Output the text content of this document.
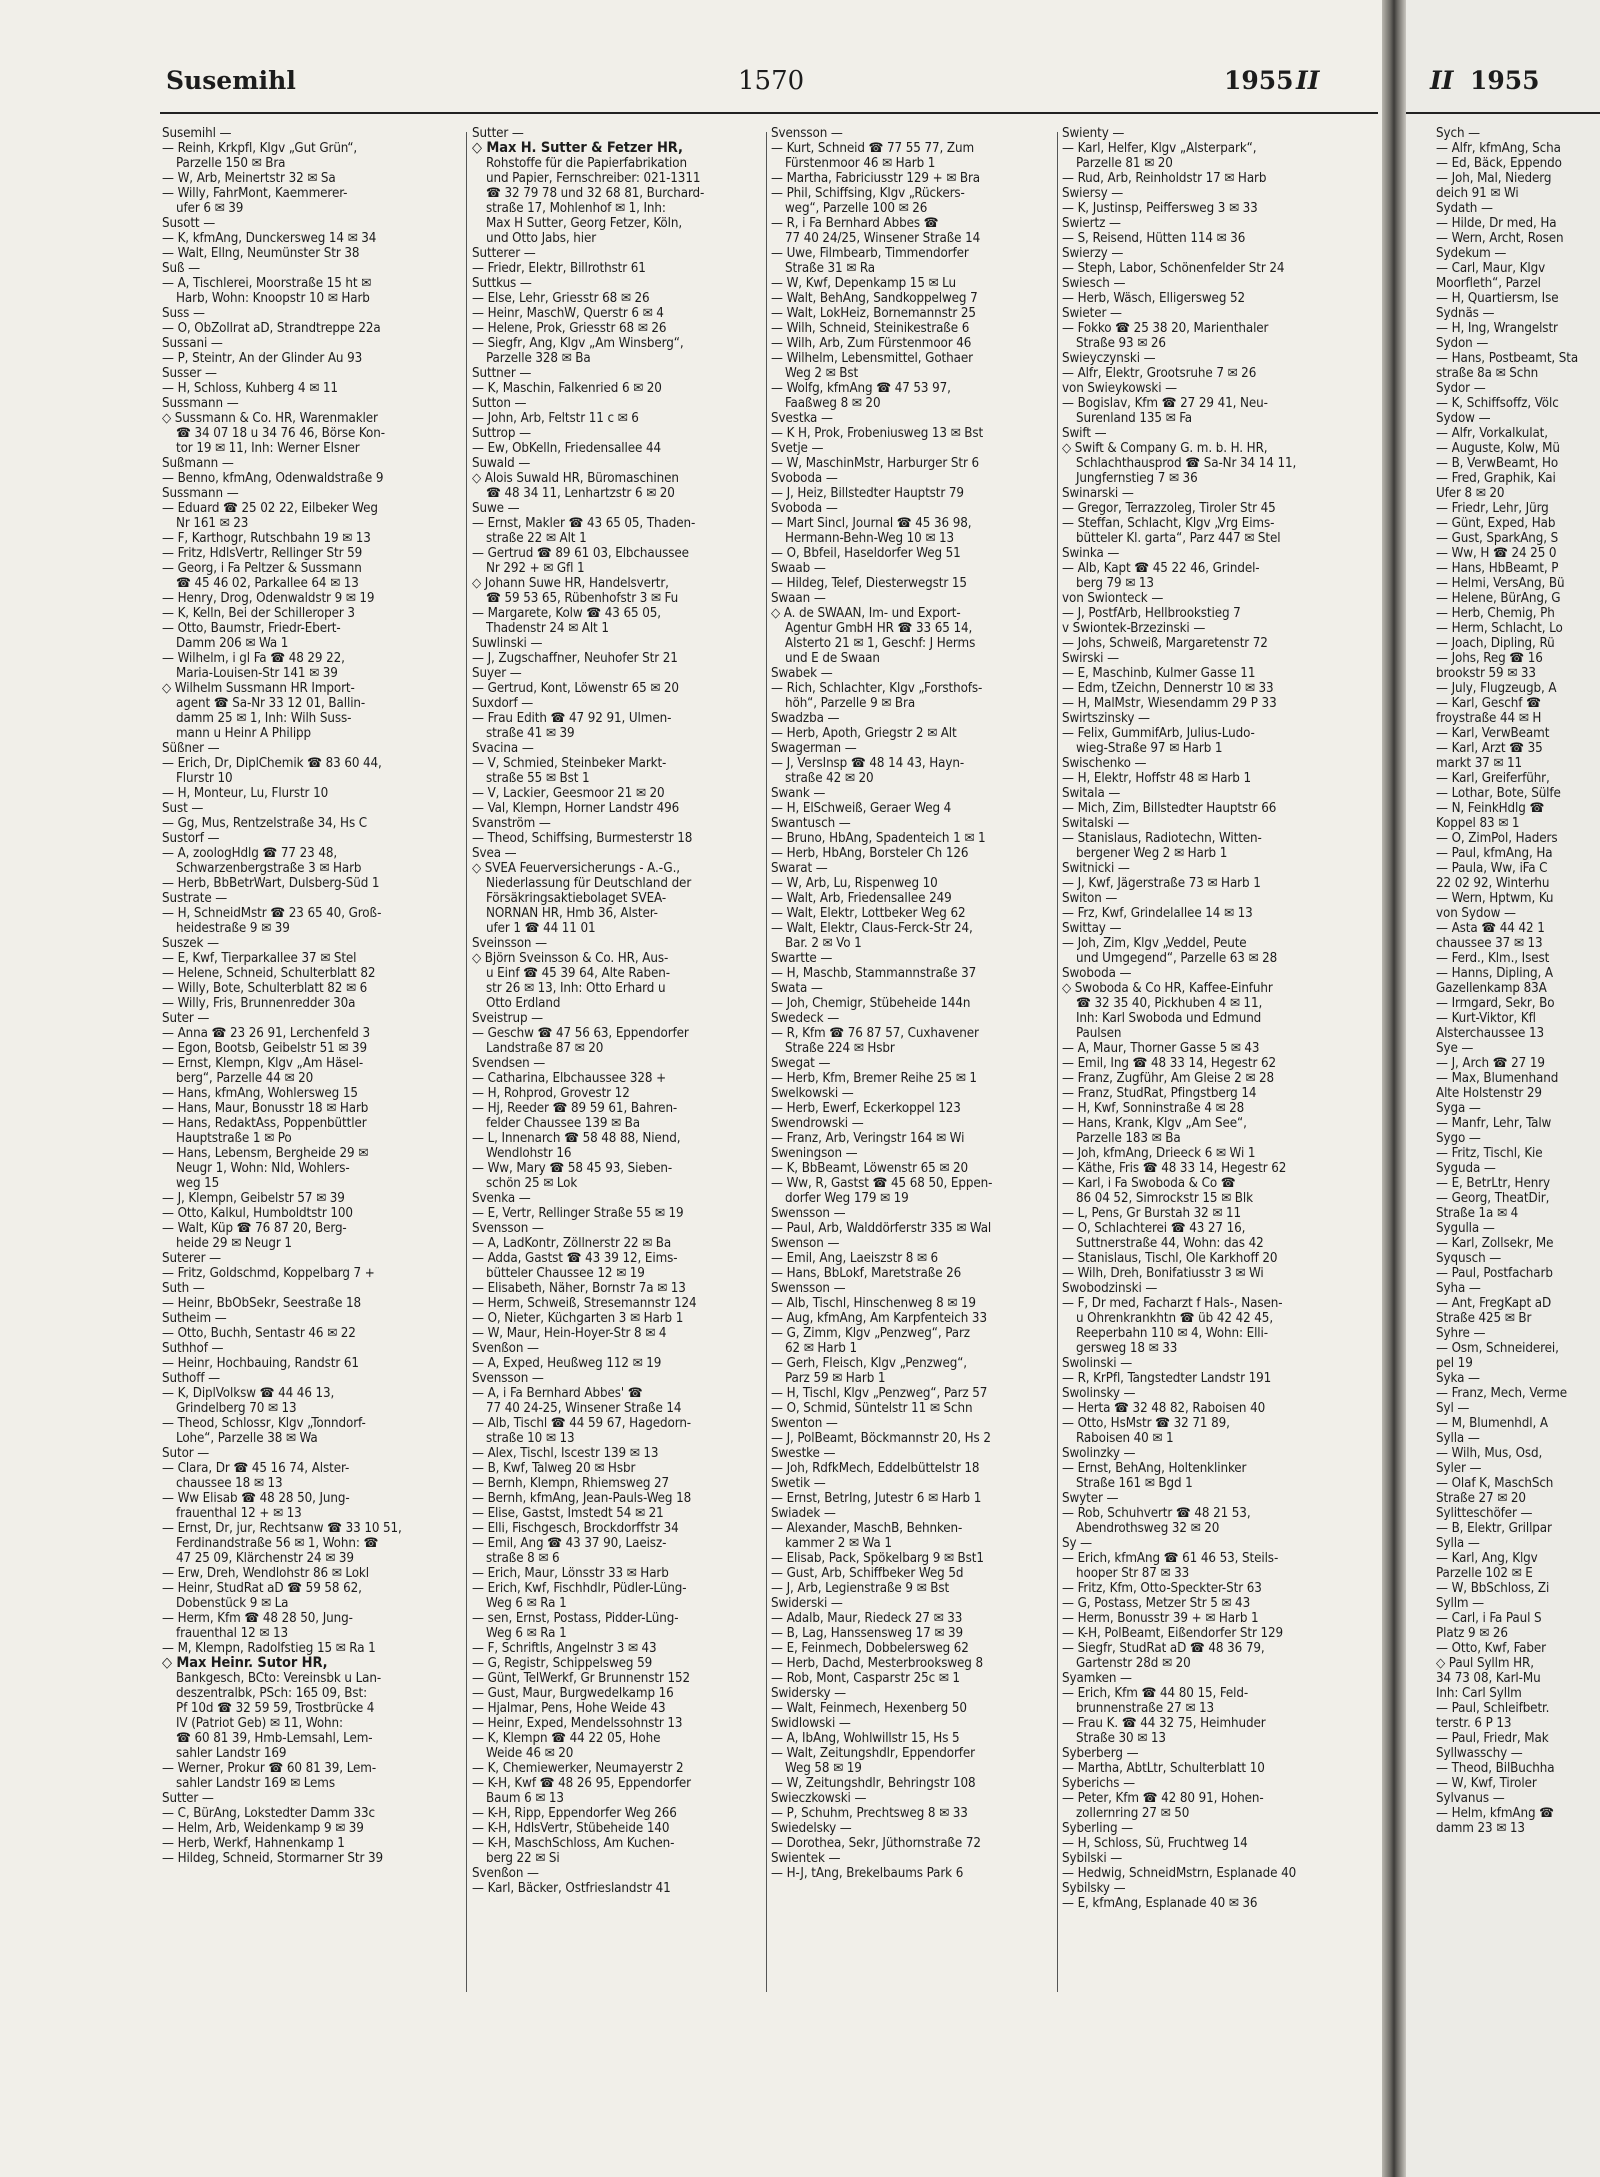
Susemihl	1570	1955 II
Susemihl —
— Reinh, Krkpfl, Klgv „Gut Grün“,
Parzelle 150 ✉ Bra
— W, Arb, Meinertstr 32 ✉ Sa
— Willy, FahrMont, Kaemmerer-
ufer 6 ✉ 39
Susott —
— K, kfmAng, Dunckersweg 14 ✉ 34
— Walt, Ellng, Neumünster Str 38
Suß —
— A, Tischlerei, Moorstraße 15 ht ✉
Harb, Wohn: Knoopstr 10 ✉ Harb
Suss —
— O, ObZollrat aD, Strandtreppe 22a
Sussani —
— P, Steintr, An der Glinder Au 93
Susser —
— H, Schloss, Kuhberg 4 ✉ 11
Sussmann —
◇ Sussmann & Co. HR, Warenmakler
☎ 34 07 18 u 34 76 46, Börse Kon-
tor 19 ✉ 11, Inh: Werner Elsner
Sußmann —
— Benno, kfmAng, Odenwaldstraße 9
Sussmann —
— Eduard ☎ 25 02 22, Eilbeker Weg
Nr 161 ✉ 23
— F, Karthogr, Rutschbahn 19 ✉ 13
— Fritz, HdlsVertr, Rellinger Str 59
— Georg, i Fa Peltzer & Sussmann
☎ 45 46 02, Parkallee 64 ✉ 13
— Henry, Drog, Odenwaldstr 9 ✉ 19
— K, Kelln, Bei der Schilleroper 3
— Otto, Baumstr, Friedr-Ebert-
Damm 206 ✉ Wa 1
— Wilhelm, i gl Fa ☎ 48 29 22,
Maria-Louisen-Str 141 ✉ 39
◇ Wilhelm Sussmann HR Import-
agent ☎ Sa-Nr 33 12 01, Ballin-
damm 25 ✉ 1, Inh: Wilh Suss-
mann u Heinr A Philipp
Süßner —
— Erich, Dr, DiplChemik ☎ 83 60 44,
Flurstr 10
— H, Monteur, Lu, Flurstr 10
Sust —
— Gg, Mus, Rentzelstraße 34, Hs C
Sustorf —
— A, zoologHdlg ☎ 77 23 48,
Schwarzenbergstraße 3 ✉ Harb
— Herb, BbBetrWart, Dulsberg-Süd 1
Sustrate —
— H, SchneidMstr ☎ 23 65 40, Groß-
heidestraße 9 ✉ 39
Suszek —
— E, Kwf, Tierparkallee 37 ✉ Stel
— Helene, Schneid, Schulterblatt 82
— Willy, Bote, Schulterblatt 82 ✉ 6
— Willy, Fris, Brunnenredder 30a
Suter —
— Anna ☎ 23 26 91, Lerchenfeld 3
— Egon, Bootsb, Geibelstr 51 ✉ 39
— Ernst, Klempn, Klgv „Am Häsel-
berg“, Parzelle 44 ✉ 20
— Hans, kfmAng, Wohlersweg 15
— Hans, Maur, Bonusstr 18 ✉ Harb
— Hans, RedaktAss, Poppenbüttler
Hauptstraße 1 ✉ Po
— Hans, Lebensm, Bergheide 29 ✉
Neugr 1, Wohn: Nld, Wohlers-
weg 15
— J, Klempn, Geibelstr 57 ✉ 39
— Otto, Kalkul, Humboldtstr 100
— Walt, Küp ☎ 76 87 20, Berg-
heide 29 ✉ Neugr 1
Suterer —
— Fritz, Goldschmd, Koppelbarg 7 +
Suth —
— Heinr, BbObSekr, Seestraße 18
Sutheim —
— Otto, Buchh, Sentastr 46 ✉ 22
Suthhof —
— Heinr, Hochbauing, Randstr 61
Suthoff —
— K, DiplVolksw ☎ 44 46 13,
Grindelberg 70 ✉ 13
— Theod, Schlossr, Klgv „Tonndorf-
Lohe“, Parzelle 38 ✉ Wa
Sutor —
— Clara, Dr ☎ 45 16 74, Alster-
chaussee 18 ✉ 13
— Ww Elisab ☎ 48 28 50, Jung-
frauenthal 12 + ✉ 13
— Ernst, Dr, jur, Rechtsanw ☎ 33 10 51,
Ferdinandstraße 56 ✉ 1, Wohn: ☎
47 25 09, Klärchenstr 24 ✉ 39
— Erw, Dreh, Wendlohstr 86 ✉ Lokl
— Heinr, StudRat aD ☎ 59 58 62,
Dobenstück 9 ✉ La
— Herm, Kfm ☎ 48 28 50, Jung-
frauenthal 12 ✉ 13
— M, Klempn, Radolfstieg 15 ✉ Ra 1
◇ Max Heinr. Sutor HR,
Bankgesch, BCto: Vereinsbk u Lan-
deszentralbk, PSch: 165 09, Bst:
Pf 10d ☎ 32 59 59, Trostbrücke 4
IV (Patriot Geb) ✉ 11, Wohn:
☎ 60 81 39, Hmb-Lemsahl, Lem-
sahler Landstr 169
— Werner, Prokur ☎ 60 81 39, Lem-
sahler Landstr 169 ✉ Lems
Sutter —
— C, BürAng, Lokstedter Damm 33c
— Helm, Arb, Weidenkamp 9 ✉ 39
— Herb, Werkf, Hahnenkamp 1
— Hildeg, Schneid, Stormarner Str 39
Sutter —
◇ Max H. Sutter & Fetzer HR,
Rohstoffe für die Papierfabrikation
und Papier, Fernschreiber: 021-1311
☎ 32 79 78 und 32 68 81, Burchard-
straße 17, Mohlenhof ✉ 1, Inh:
Max H Sutter, Georg Fetzer, Köln,
und Otto Jabs, hier
Sutterer —
— Friedr, Elektr, Billrothstr 61
Suttkus —
— Else, Lehr, Griesstr 68 ✉ 26
— Heinr, MaschW, Querstr 6 ✉ 4
— Helene, Prok, Griesstr 68 ✉ 26
— Siegfr, Ang, Klgv „Am Winsberg“,
Parzelle 328 ✉ Ba
Suttner —
— K, Maschin, Falkenried 6 ✉ 20
Sutton —
— John, Arb, Feltstr 11 c ✉ 6
Suttrop —
— Ew, ObKelln, Friedensallee 44
Suwald —
◇ Alois Suwald HR, Büromaschinen
☎ 48 34 11, Lenhartzstr 6 ✉ 20
Suwe —
— Ernst, Makler ☎ 43 65 05, Thaden-
straße 22 ✉ Alt 1
— Gertrud ☎ 89 61 03, Elbchaussee
Nr 292 + ✉ Gfl 1
◇ Johann Suwe HR, Handelsvertr,
☎ 59 53 65, Rübenhofstr 3 ✉ Fu
— Margarete, Kolw ☎ 43 65 05,
Thadenstr 24 ✉ Alt 1
Suwlinski —
— J, Zugschaffner, Neuhofer Str 21
Suyer —
— Gertrud, Kont, Löwenstr 65 ✉ 20
Suxdorf —
— Frau Edith ☎ 47 92 91, Ulmen-
straße 41 ✉ 39
Svacina —
— V, Schmied, Steinbeker Markt-
straße 55 ✉ Bst 1
— V, Lackier, Geesmoor 21 ✉ 20
— Val, Klempn, Horner Landstr 496
Svanström —
— Theod, Schiffsing, Burmesterstr 18
Svea —
◇ SVEA Feuerversicherungs - A.-G.,
Niederlassung für Deutschland der
Försäkringsaktiebolaget SVEA-
NORNAN HR, Hmb 36, Alster-
ufer 1 ☎ 44 11 01
Sveinsson —
◇ Björn Sveinsson & Co. HR, Aus-
u Einf ☎ 45 39 64, Alte Raben-
str 26 ✉ 13, Inh: Otto Erhard u
Otto Erdland
Sveistrup —
— Geschw ☎ 47 56 63, Eppendorfer
Landstraße 87 ✉ 20
Svendsen —
— Catharina, Elbchaussee 328 +
— H, Rohprod, Grovestr 12
— Hj, Reeder ☎ 89 59 61, Bahren-
felder Chaussee 139 ✉ Ba
— L, Innenarch ☎ 58 48 88, Niend,
Wendlohstr 16
— Ww, Mary ☎ 58 45 93, Sieben-
schön 25 ✉ Lok
Svenka —
— E, Vertr, Rellinger Straße 55 ✉ 19
Svensson —
— A, LadKontr, Zöllnerstr 22 ✉ Ba
— Adda, Gastst ☎ 43 39 12, Eims-
bütteler Chaussee 12 ✉ 19
— Elisabeth, Näher, Bornstr 7a ✉ 13
— Herm, Schweiß, Stresemannstr 124
— O, Nieter, Küchgarten 3 ✉ Harb 1
— W, Maur, Hein-Hoyer-Str 8 ✉ 4
Svenßon —
— A, Exped, Heußweg 112 ✉ 19
Svensson —
— A, i Fa Bernhard Abbes' ☎
77 40 24-25, Winsener Straße 14
— Alb, Tischl ☎ 44 59 67, Hagedorn-
straße 10 ✉ 13
— Alex, Tischl, Iscestr 139 ✉ 13
— B, Kwf, Talweg 20 ✉ Hsbr
— Bernh, Klempn, Rhiemsweg 27
— Bernh, kfmAng, Jean-Pauls-Weg 18
— Elise, Gastst, Imstedt 54 ✉ 21
— Elli, Fischgesch, Brockdorffstr 34
— Emil, Ang ☎ 43 37 90, Laeisz-
straße 8 ✉ 6
— Erich, Maur, Lönsstr 33 ✉ Harb
— Erich, Kwf, Fischhdlr, Püdler-Lüng-
Weg 6 ✉ Ra 1
— sen, Ernst, Postass, Pidder-Lüng-
Weg 6 ✉ Ra 1
— F, Schriftls, Angelnstr 3 ✉ 43
— G, Registr, Schippelsweg 59
— Günt, TelWerkf, Gr Brunnenstr 152
— Gust, Maur, Burgwedelkamp 16
— Hjalmar, Pens, Hohe Weide 43
— Heinr, Exped, Mendelssohnstr 13
— K, Klempn ☎ 44 22 05, Hohe
Weide 46 ✉ 20
— K, Chemiewerker, Neumayerstr 2
— K-H, Kwf ☎ 48 26 95, Eppendorfer
Baum 6 ✉ 13
— K-H, Ripp, Eppendorfer Weg 266
— K-H, HdlsVertr, Stübeheide 140
— K-H, MaschSchloss, Am Kuchen-
berg 22 ✉ Si
Svenßon —
— Karl, Bäcker, Ostfrieslandstr 41
Svensson —
— Kurt, Schneid ☎ 77 55 77, Zum
Fürstenmoor 46 ✉ Harb 1
— Martha, Fabriciusstr 129 + ✉ Bra
— Phil, Schiffsing, Klgv „Rückers-
weg“, Parzelle 100 ✉ 26
— R, i Fa Bernhard Abbes ☎
77 40 24/25, Winsener Straße 14
— Uwe, Filmbearb, Timmendorfer
Straße 31 ✉ Ra
— W, Kwf, Depenkamp 15 ✉ Lu
— Walt, BehAng, Sandkoppelweg 7
— Walt, LokHeiz, Bornemannstr 25
— Wilh, Schneid, Steinikestraße 6
— Wilh, Arb, Zum Fürstenmoor 46
— Wilhelm, Lebensmittel, Gothaer
Weg 2 ✉ Bst
— Wolfg, kfmAng ☎ 47 53 97,
Faaßweg 8 ✉ 20
Svestka —
— K H, Prok, Frobeniusweg 13 ✉ Bst
Svetje —
— W, MaschinMstr, Harburger Str 6
Svoboda —
— J, Heiz, Billstedter Hauptstr 79
Svoboda —
— Mart Sincl, Journal ☎ 45 36 98,
Hermann-Behn-Weg 10 ✉ 13
— O, Bbfeil, Haseldorfer Weg 51
Swaab —
— Hildeg, Telef, Diesterwegstr 15
Swaan —
◇ A. de SWAAN, Im- und Export-
Agentur GmbH HR ☎ 33 65 14,
Alsterto 21 ✉ 1, Geschf: J Herms
und E de Swaan
Swabek —
— Rich, Schlachter, Klgv „Forsthofs-
höh“, Parzelle 9 ✉ Bra
Swadzba —
— Herb, Apoth, Griegstr 2 ✉ Alt
Swagerman —
— J, VersInsp ☎ 48 14 43, Hayn-
straße 42 ✉ 20
Swank —
— H, ElSchweiß, Geraer Weg 4
Swantusch —
— Bruno, HbAng, Spadenteich 1 ✉ 1
— Herb, HbAng, Borsteler Ch 126
Swarat —
— W, Arb, Lu, Rispenweg 10
— Walt, Arb, Friedensallee 249
— Walt, Elektr, Lottbeker Weg 62
— Walt, Elektr, Claus-Ferck-Str 24,
Bar. 2 ✉ Vo 1
Swartte —
— H, Maschb, Stammannstraße 37
Swata —
— Joh, Chemigr, Stübeheide 144n
Swedeck —
— R, Kfm ☎ 76 87 57, Cuxhavener
Straße 224 ✉ Hsbr
Swegat —
— Herb, Kfm, Bremer Reihe 25 ✉ 1
Swelkowski —
— Herb, Ewerf, Eckerkoppel 123
Swendrowski —
— Franz, Arb, Veringstr 164 ✉ Wi
Sweningson —
— K, BbBeamt, Löwenstr 65 ✉ 20
— Ww, R, Gastst ☎ 45 68 50, Eppen-
dorfer Weg 179 ✉ 19
Swensson —
— Paul, Arb, Walddörferstr 335 ✉ Wal
Swenson —
— Emil, Ang, Laeiszstr 8 ✉ 6
— Hans, BbLokf, Maretstraße 26
Swensson —
— Alb, Tischl, Hinschenweg 8 ✉ 19
— Aug, kfmAng, Am Karpfenteich 33
— G, Zimm, Klgv „Penzweg“, Parz
62 ✉ Harb 1
— Gerh, Fleisch, Klgv „Penzweg“,
Parz 59 ✉ Harb 1
— H, Tischl, Klgv „Penzweg“, Parz 57
— O, Schmid, Süntelstr 11 ✉ Schn
Swenton —
— J, PolBeamt, Böckmannstr 20, Hs 2
Swestke —
— Joh, RdfkMech, Eddelbüttelstr 18
Swetik —
— Ernst, BetrIng, Jutestr 6 ✉ Harb 1
Swiadek —
— Alexander, MaschB, Behnken-
kammer 2 ✉ Wa 1
— Elisab, Pack, Spökelbarg 9 ✉ Bst1
— Gust, Arb, Schiffbeker Weg 5d
— J, Arb, Legienstraße 9 ✉ Bst
Swiderski —
— Adalb, Maur, Riedeck 27 ✉ 33
— B, Lag, Hanssensweg 17 ✉ 39
— E, Feinmech, Dobbelersweg 62
— Herb, Dachd, Mesterbrooksweg 8
— Rob, Mont, Casparstr 25c ✉ 1
Swidersky —
— Walt, Feinmech, Hexenberg 50
Swidlowski —
— A, IbAng, Wohlwillstr 15, Hs 5
— Walt, Zeitungshdlr, Eppendorfer
Weg 58 ✉ 19
— W, Zeitungshdlr, Behringstr 108
Swieczkowski —
— P, Schuhm, Prechtsweg 8 ✉ 33
Swiedelsky —
— Dorothea, Sekr, Jüthornstraße 72
Swientek —
— H-J, tAng, Brekelbaums Park 6
Swienty —
— Karl, Helfer, Klgv „Alsterpark“,
Parzelle 81 ✉ 20
— Rud, Arb, Reinholdstr 17 ✉ Harb
Swiersy —
— K, Justinsp, Peiffersweg 3 ✉ 33
Swiertz —
— S, Reisend, Hütten 114 ✉ 36
Swierzy —
— Steph, Labor, Schönenfelder Str 24
Swiesch —
— Herb, Wäsch, Elligersweg 52
Swieter —
— Fokko ☎ 25 38 20, Marienthaler
Straße 93 ✉ 26
Swieyczynski —
— Alfr, Elektr, Grootsruhe 7 ✉ 26
von Swieykowski —
— Bogislav, Kfm ☎ 27 29 41, Neu-
Surenland 135 ✉ Fa
Swift —
◇ Swift & Company G. m. b. H. HR,
Schlachthausprod ☎ Sa-Nr 34 14 11,
Jungfernstieg 7 ✉ 36
Swinarski —
— Gregor, Terrazzoleg, Tiroler Str 45
— Steffan, Schlacht, Klgv „Vrg Eims-
bütteler Kl. garta“, Parz 447 ✉ Stel
Swinka —
— Alb, Kapt ☎ 45 22 46, Grindel-
berg 79 ✉ 13
von Swionteck —
— J, PostfArb, Hellbrookstieg 7
v Swiontek-Brzezinski —
— Johs, Schweiß, Margaretenstr 72
Swirski —
— E, Maschinb, Kulmer Gasse 11
— Edm, tZeichn, Dennerstr 10 ✉ 33
— H, MalMstr, Wiesendamm 29 P 33
Swirtszinsky —
— Felix, GummifArb, Julius-Ludo-
wieg-Straße 97 ✉ Harb 1
Swischenko —
— H, Elektr, Hoffstr 48 ✉ Harb 1
Switala —
— Mich, Zim, Billstedter Hauptstr 66
Switalski —
— Stanislaus, Radiotechn, Witten-
bergener Weg 2 ✉ Harb 1
Switnicki —
— J, Kwf, Jägerstraße 73 ✉ Harb 1
Switon —
— Frz, Kwf, Grindelallee 14 ✉ 13
Swittay —
— Joh, Zim, Klgv „Veddel, Peute
und Umgegend“, Parzelle 63 ✉ 28
Swoboda —
◇ Swoboda & Co HR, Kaffee-Einfuhr
☎ 32 35 40, Pickhuben 4 ✉ 11,
Inh: Karl Swoboda und Edmund
Paulsen
— A, Maur, Thorner Gasse 5 ✉ 43
— Emil, Ing ☎ 48 33 14, Hegestr 62
— Franz, Zugführ, Am Gleise 2 ✉ 28
— Franz, StudRat, Pfingstberg 14
— H, Kwf, Sonninstraße 4 ✉ 28
— Hans, Krank, Klgv „Am See“,
Parzelle 183 ✉ Ba
— Joh, kfmAng, Drieeck 6 ✉ Wi 1
— Käthe, Fris ☎ 48 33 14, Hegestr 62
— Karl, i Fa Swoboda & Co ☎
86 04 52, Simrockstr 15 ✉ Blk
— L, Pens, Gr Burstah 32 ✉ 11
— O, Schlachterei ☎ 43 27 16,
Suttnerstraße 44, Wohn: das 42
— Stanislaus, Tischl, Ole Karkhoff 20
— Wilh, Dreh, Bonifatiusstr 3 ✉ Wi
Swobodzinski —
— F, Dr med, Facharzt f Hals-, Nasen-
u Ohrenkrankhtn ☎ üb 42 42 45,
Reeperbahn 110 ✉ 4, Wohn: Elli-
gersweg 18 ✉ 33
Swolinski —
— R, KrPfl, Tangstedter Landstr 191
Swolinsky —
— Herta ☎ 32 48 82, Raboisen 40
— Otto, HsMstr ☎ 32 71 89,
Raboisen 40 ✉ 1
Swolinzky —
— Ernst, BehAng, Holtenklinker
Straße 161 ✉ Bgd 1
Swyter —
— Rob, Schuhvertr ☎ 48 21 53,
Abendrothsweg 32 ✉ 20
Sy —
— Erich, kfmAng ☎ 61 46 53, Steils-
hooper Str 87 ✉ 33
— Fritz, Kfm, Otto-Speckter-Str 63
— G, Postass, Metzer Str 5 ✉ 43
— Herm, Bonusstr 39 + ✉ Harb 1
— K-H, PolBeamt, Eißendorfer Str 129
— Siegfr, StudRat aD ☎ 48 36 79,
Gartenstr 28d ✉ 20
Syamken —
— Erich, Kfm ☎ 44 80 15, Feld-
brunnenstraße 27 ✉ 13
— Frau K. ☎ 44 32 75, Heimhuder
Straße 30 ✉ 13
Syberberg —
— Martha, AbtLtr, Schulterblatt 10
Syberichs —
— Peter, Kfm ☎ 42 80 91, Hohen-
zollernring 27 ✉ 50
Syberling —
— H, Schloss, Sü, Fruchtweg 14
Sybilski —
— Hedwig, SchneidMstrn, Esplanade 40
Sybilsky —
— E, kfmAng, Esplanade 40 ✉ 36
II 1955
Sych —
— Alfr, kfmAng, Scha
— Ed, Bäck, Eppendo
— Joh, Mal, Niederg
deich 91 ✉ Wi
Sydath —
— Hilde, Dr med, Ha
— Wern, Archt, Rosen
Sydekum —
— Carl, Maur, Klgv
Moorfleth“, Parzel
— H, Quartiersm, Ise
Sydnäs —
— H, Ing, Wrangelstr
Sydon —
— Hans, Postbeamt, Sta
straße 8a ✉ Schn
Sydor —
— K, Schiffsoffz, Völc
Sydow —
— Alfr, Vorkalkulat,
— Auguste, Kolw, Mü
— B, VerwBeamt, Ho
— Fred, Graphik, Kai
Ufer 8 ✉ 20
— Friedr, Lehr, Jürg
— Günt, Exped, Hab
— Gust, SparkAng, S
— Ww, H ☎ 24 25 0
— Hans, HbBeamt, P
— Helmi, VersAng, Bü
— Helene, BürAng, G
— Herb, Chemig, Ph
— Herm, Schlacht, Lo
— Joach, Dipling, Rü
— Johs, Reg ☎ 16
brookstr 59 ✉ 33
— July, Flugzeugb, A
— Karl, Geschf ☎
froystraße 44 ✉ H
— Karl, VerwBeamt
— Karl, Arzt ☎ 35
markt 37 ✉ 11
— Karl, Greiferführ,
— Lothar, Bote, Sülfe
— N, FeinkHdlg ☎
Koppel 83 ✉ 1
— O, ZimPol, Haders
— Paul, kfmAng, Ha
— Paula, Ww, iFa C
22 02 92, Winterhu
— Wern, Hptwm, Ku
von Sydow —
— Asta ☎ 44 42 1
chaussee 37 ✉ 13
— Ferd., Klm., Isest
— Hanns, Dipling, A
Gazellenkamp 83A
— Irmgard, Sekr, Bo
— Kurt-Viktor, Kfl
Alsterchaussee 13
Sye —
— J, Arch ☎ 27 19
— Max, Blumenhand
Alte Holstenstr 29
Syga —
— Manfr, Lehr, Talw
Sygo —
— Fritz, Tischl, Kie
Syguda —
— E, BetrLtr, Henry
— Georg, TheatDir,
Straße 1a ✉ 4
Sygulla —
— Karl, Zollsekr, Me
Syqusch —
— Paul, Postfacharb
Syha —
— Ant, FregKapt aD
Straße 425 ✉ Br
Syhre —
— Osm, Schneiderei,
pel 19
Syka —
— Franz, Mech, Verme
Syl —
— M, Blumenhdl, A
Sylla —
— Wilh, Mus, Osd,
Syler —
— Olaf K, MaschSch
Straße 27 ✉ 20
Sylitteschöfer —
— B, Elektr, Grillpar
Sylla —
— Karl, Ang, Klgv
Parzelle 102 ✉ E
— W, BbSchloss, Zi
Syllm —
— Carl, i Fa Paul S
Platz 9 ✉ 26
— Otto, Kwf, Faber
◇ Paul Syllm HR,
34 73 08, Karl-Mu
Inh: Carl Syllm
— Paul, Schleifbetr.
terstr. 6 P 13
— Paul, Friedr, Mak
Syllwasschy —
— Theod, BilBuchha
— W, Kwf, Tiroler
Sylvanus —
— Helm, kfmAng ☎
damm 23 ✉ 13
